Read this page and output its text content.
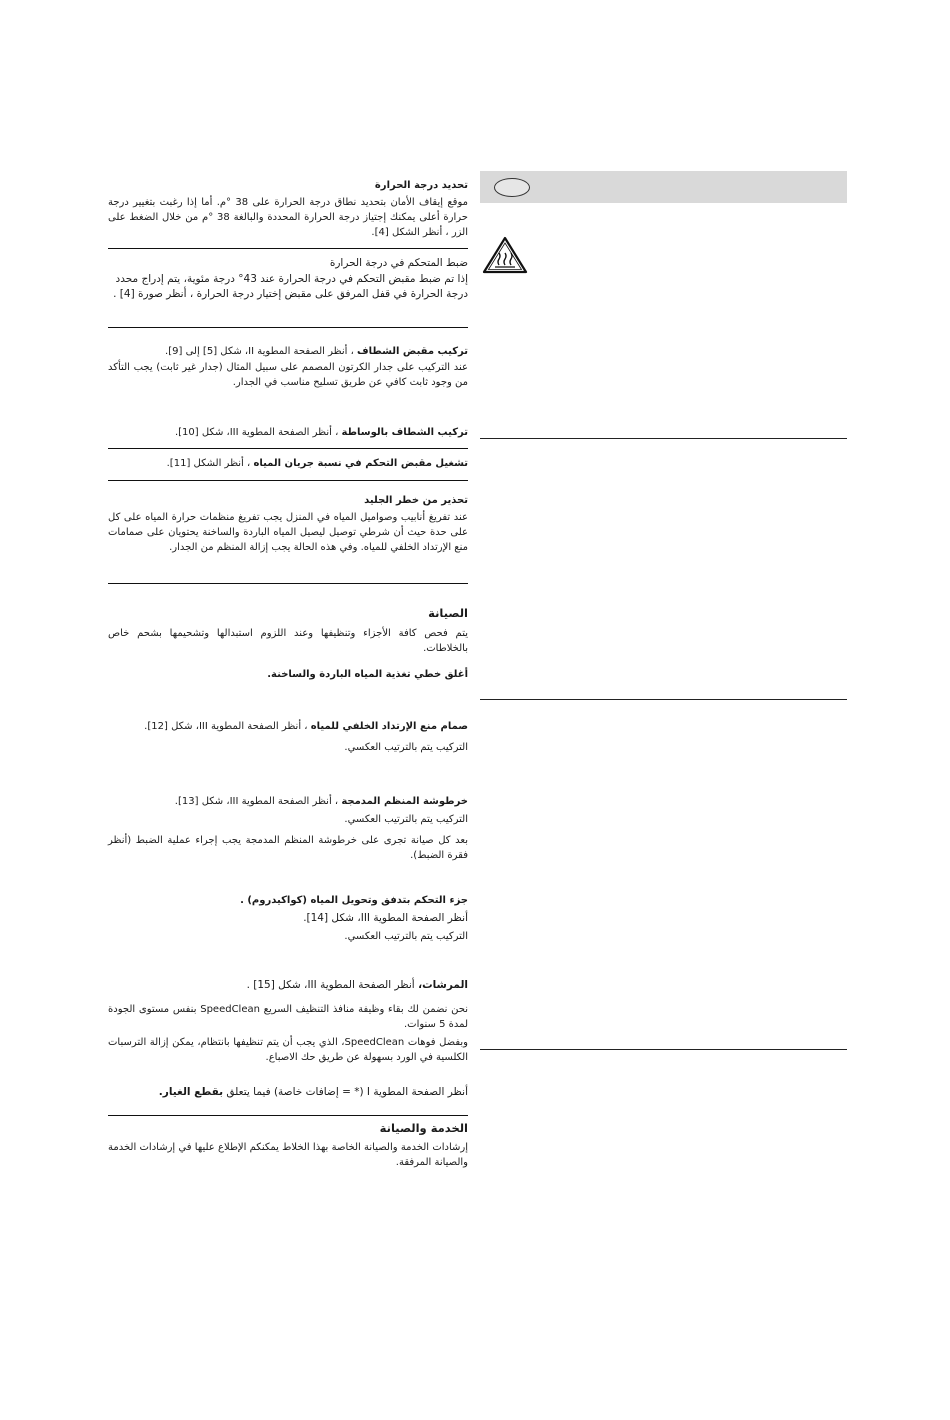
تحديد درجة الحرارة

موقع إيقاف الأمان بتحديد نطاق درجة الحرارة على 38 °م. أما إذا رغبت بتغيير درجة حرارة أعلى يمكنك إجتياز درجة الحرارة المحددة والبالغة 38 °م من خلال الضغط على الزر ، أنظر الشكل [4].

ضبط المتحكم في درجة الحرارة

إذا تم ضبط مقبض التحكم في درجة الحرارة عند 43° درجة مئوية، يتم إدراج محدد درجة الحرارة في قفل المرفق على مقبض إختيار درجة الحرارة ، أنظر صورة [4] .

تركيب مقبض الشطاف ، أنظر الصفحة المطوية II، شكل [5] إلى [9].

عند التركيب على جدار الكرتون المصمم على سبيل المثال (جدار غير ثابت) يجب التأكد من وجود ثابت كافي عن طريق تسليح مناسب في الجدار.

تركيب الشطاف بالوساطة ، أنظر الصفحة المطوية III، شكل [10].

تشغيل مقبض التحكم في نسبة جريان المياه ، أنظر الشكل [11].

تحذير من خطر الجليد

عند تفريغ أنابيب وصواميل المياه في المنزل يجب تفريغ منظمات حرارة المياه على كل على حدة حيث أن شرطي توصيل ليصيل المياه الباردة والساخنة يحتويان على صمامات منع الإرتداد الخلفي للمياه. وفي هذه الحالة يجب إزالة المنظم من الجدار.

الصيانة

يتم فحص كافة الأجزاء وتنظيفها وعند اللزوم استبدالها وتشحيمها بشحم خاص بالخلاطات.

أغلق خطي تغذية المياه الباردة والساخنة.

صمام منع الإرتداد الخلفي للمياه ، أنظر الصفحة المطوية III، شكل [12].

التركيب يتم بالترتيب العكسي.

خرطوشة المنظم المدمجة ، أنظر الصفحة المطوية III، شكل [13].

التركيب يتم بالترتيب العكسي.

بعد كل صيانة تجرى على خرطوشة المنظم المدمجة يجب إجراء عملية الضبط (أنظر فقرة الضبط).

جزء التحكم بتدفق وتحويل المياه (كواكيدروم) .

أنظر الصفحة المطوية III، شكل [14].

التركيب يتم بالترتيب العكسي.

المرشات، أنظر الصفحة المطوية III، شكل [15] .

نحن نضمن لك بقاء وظيفة منافذ التنظيف السريع SpeedClean بنفس مستوى الجودة لمدة 5 سنوات.

وبفضل فوهات SpeedClean، الذي يجب أن يتم تنظيفها بانتظام، يمكن إزالة الترسبات الكلسية في الورد بسهولة عن طريق حك الاصباع.

أنظر الصفحة المطوية I (* = إضافات خاصة) فيما يتعلق بقطع الغيار.

الخدمة والصيانة

إرشادات الخدمة والصيانة الخاصة بهذا الخلاط يمكنكم الإطلاع عليها في إرشادات الخدمة والصيانة المرفقة.
